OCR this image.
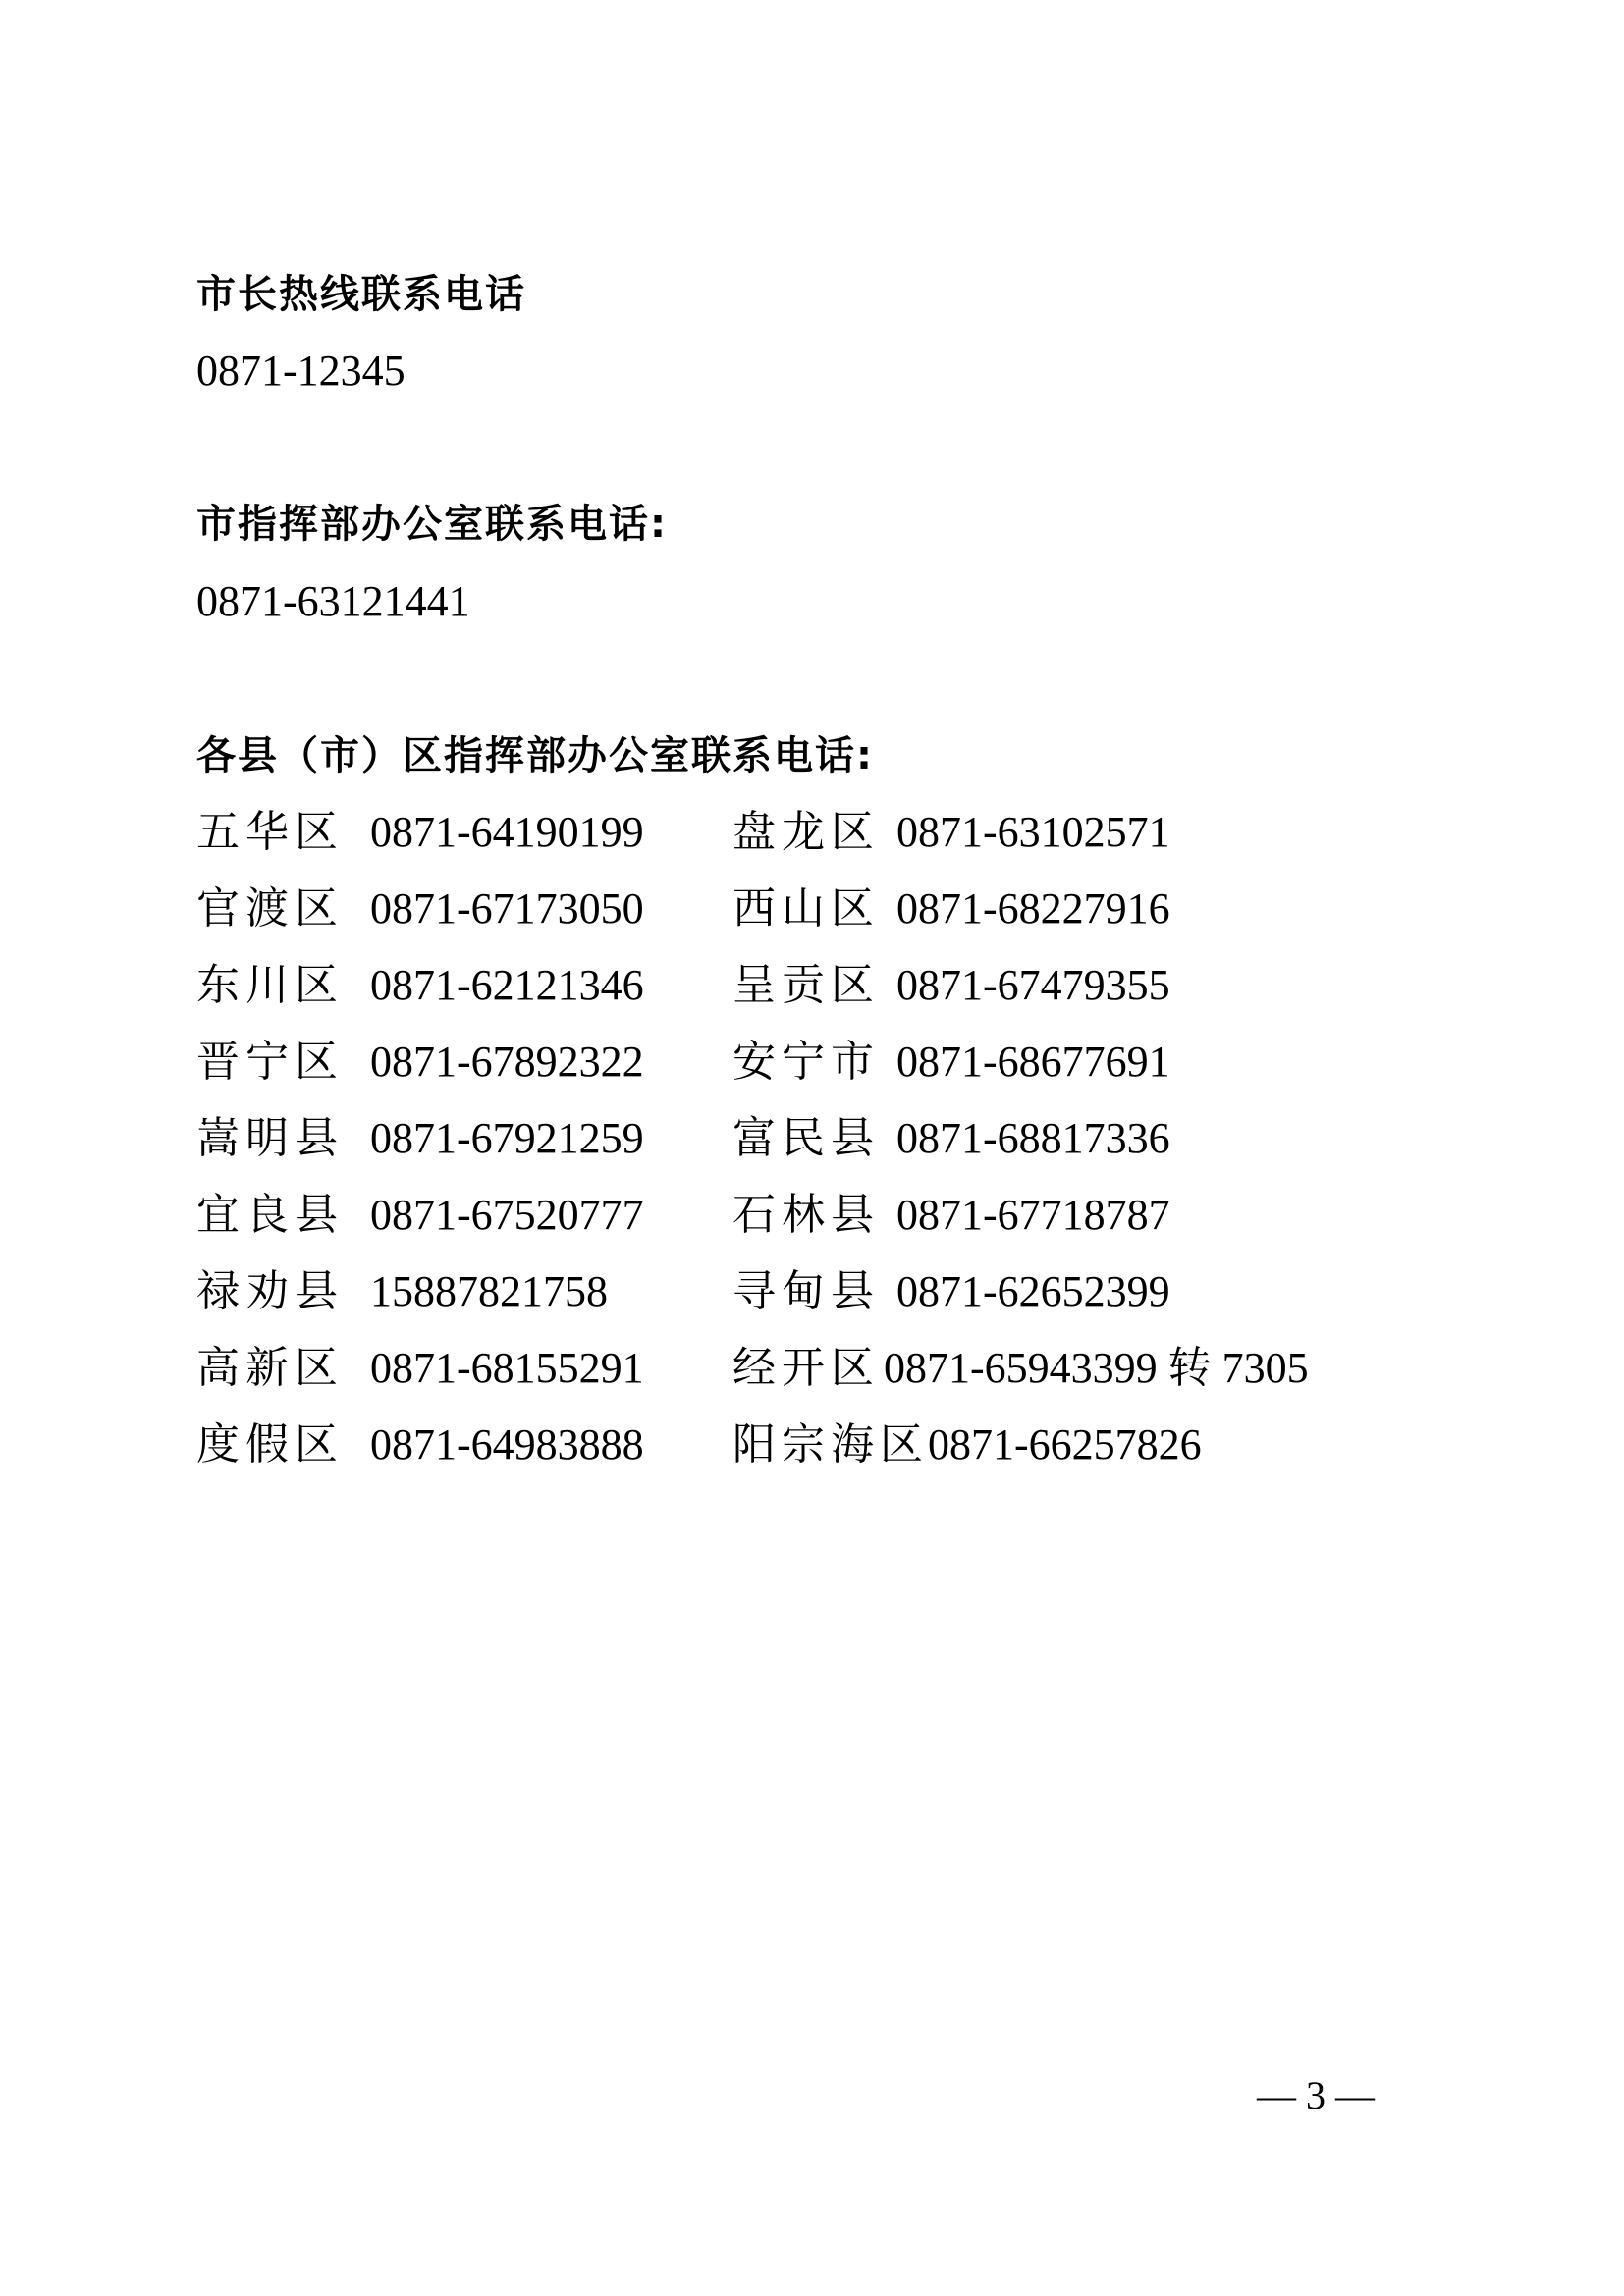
市长热线联系电话
0871-12345
市指挥部办公室联系电话:
0871-63121441
各县（市）区指挥部办公室联系电话:
五华区 0871-64190199 盘龙区 0871-63102571
官渡区 0871-67173050 西山区 0871-68227916
东川区 0871-62121346 呈贡区 0871-67479355
晋宁区 0871-67892322 安宁市 0871-68677691
嵩明县 0871-67921259 富民县 0871-68817336
宜良县 0871-67520777 石林县 0871-67718787
禄劝县 15887821758	寻甸县 0871-62652399
高新区 0871-68155291 经开区 0871-65943399 转 7305
度假区 0871-64983888 阳宗海区 0871-66257826
— 3 —
